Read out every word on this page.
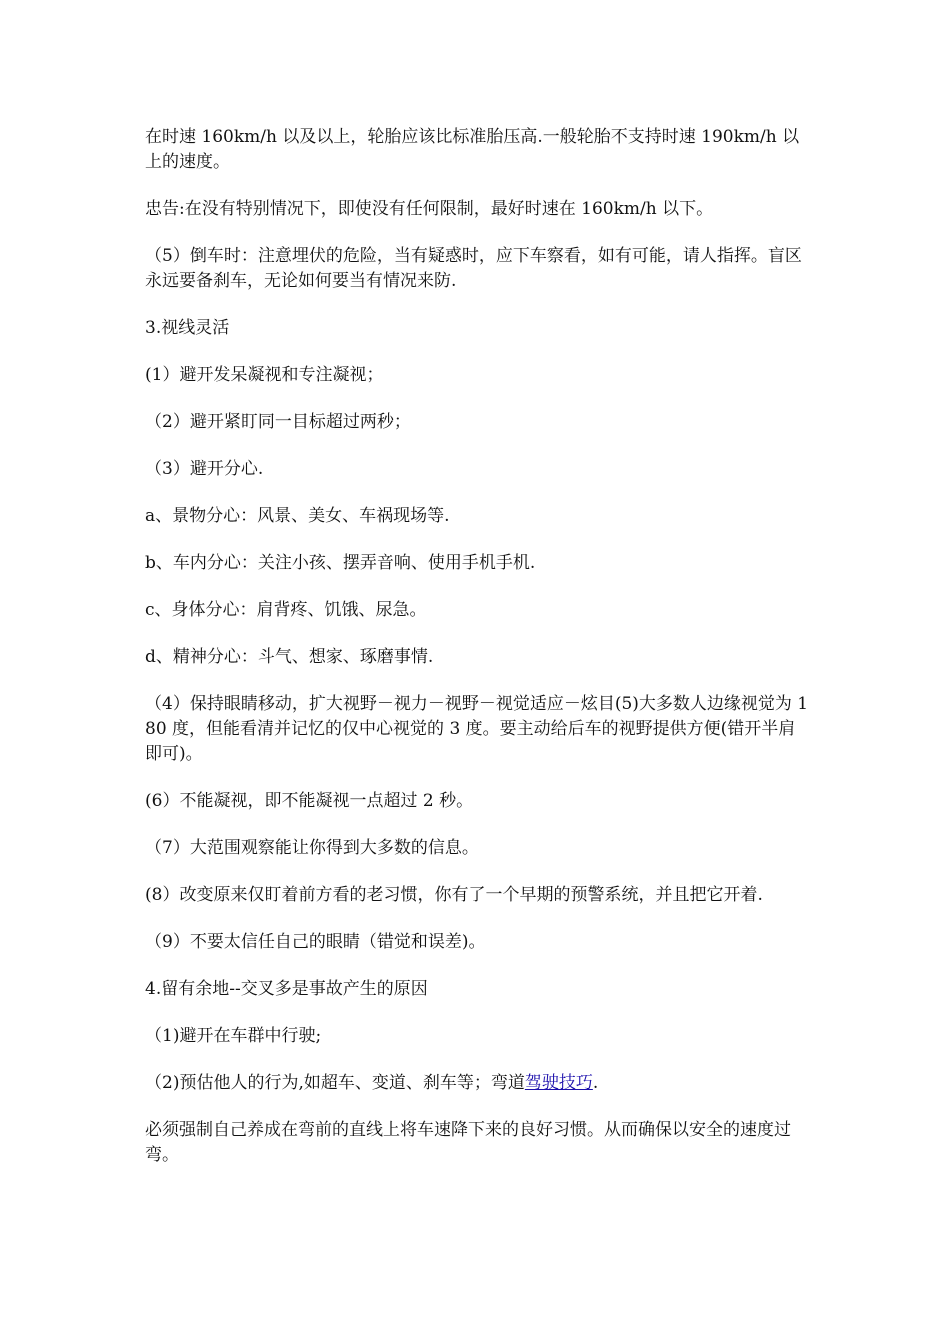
在时速 160km/h 以及以上，轮胎应该比标准胎压高.一般轮胎不支持时速 190km/h 以上的速度。

忠告:在没有特别情况下，即使没有任何限制，最好时速在 160km/h 以下。

（5）倒车时：注意埋伏的危险，当有疑惑时，应下车察看，如有可能，请人指挥。盲区永远要备刹车，无论如何要当有情况来防.

3.视线灵活

(1）避开发呆凝视和专注凝视；

（2）避开紧盯同一目标超过两秒；

（3）避开分心.

a、景物分心：风景、美女、车祸现场等.

b、车内分心：关注小孩、摆弄音响、使用手机手机.

c、身体分心：肩背疼、饥饿、尿急。

d、精神分心：斗气、想家、琢磨事情.

（4）保持眼睛移动，扩大视野－视力－视野－视觉适应－炫目(5)大多数人边缘视觉为 180 度，但能看清并记忆的仅中心视觉的 3 度。要主动给后车的视野提供方便(错开半肩即可)。

(6）不能凝视，即不能凝视一点超过 2 秒。

（7）大范围观察能让你得到大多数的信息。

(8）改变原来仅盯着前方看的老习惯，你有了一个早期的预警系统，并且把它开着.

（9）不要太信任自己的眼睛（错觉和误差)。

4.留有余地--交叉多是事故产生的原因

（1)避开在车群中行驶;

（2)预估他人的行为,如超车、变道、刹车等；弯道驾驶技巧.

必须强制自己养成在弯前的直线上将车速降下来的良好习惯。从而确保以安全的速度过弯。
